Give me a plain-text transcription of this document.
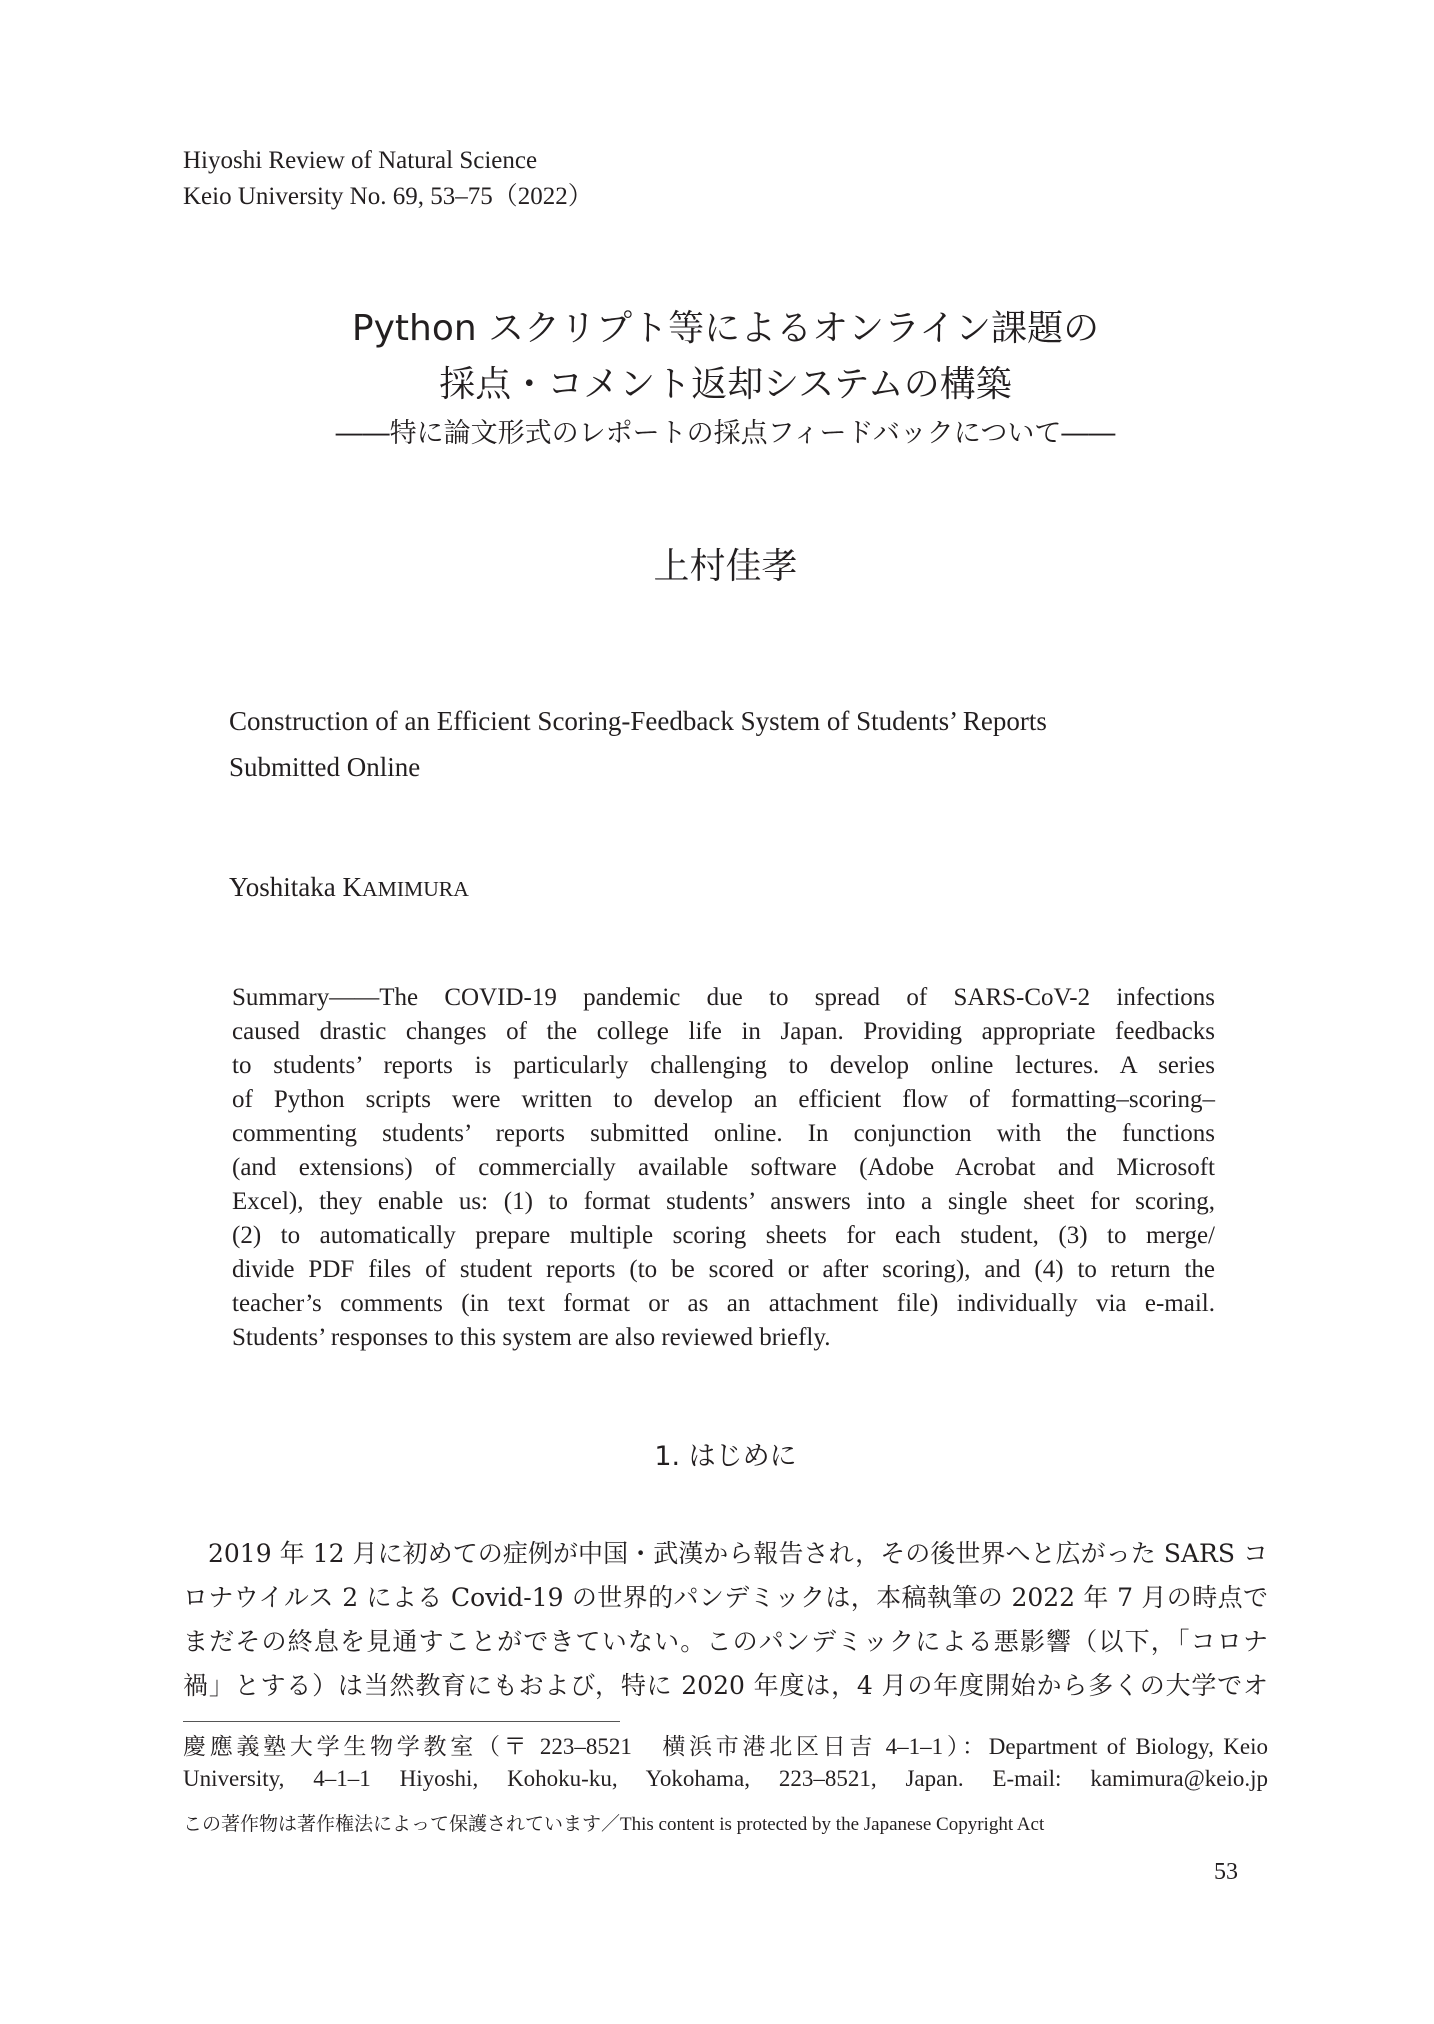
Hiyoshi Review of Natural Science
Keio University No. 69, 53–75（2022）
Python スクリプト等によるオンライン課題の
採点・コメント返却システムの構築
――特に論文形式のレポートの採点フィードバックについて――
上村佳孝
Construction of an Efficient Scoring-Feedback System of Students’ Reports
Submitted Online
Yoshitaka KAMIMURA
Summary――The COVID-19 pandemic due to spread of SARS-CoV-2 infections
caused drastic changes of the college life in Japan. Providing appropriate feedbacks
to students’ reports is particularly challenging to develop online lectures. A series
of Python scripts were written to develop an efficient flow of formatting–scoring–
commenting students’ reports submitted online. In conjunction with the functions
(and extensions) of commercially available software (Adobe Acrobat and Microsoft
Excel), they enable us: (1) to format students’ answers into a single sheet for scoring,
(2) to automatically prepare multiple scoring sheets for each student, (3) to merge/
divide PDF files of student reports (to be scored or after scoring), and (4) to return the
teacher’s comments (in text format or as an attachment file) individually via e-mail.
Students’ responses to this system are also reviewed briefly.
1. はじめに
2019 年 12 月に初めての症例が中国・武漢から報告され，その後世界へと広がった SARS コ
ロナウイルス 2 による Covid-19 の世界的パンデミックは，本稿執筆の 2022 年 7 月の時点で
まだその終息を見通すことができていない。このパンデミックによる悪影響（以下，「コロナ
禍」とする）は当然教育にもおよび，特に 2020 年度は，4 月の年度開始から多くの大学でオ
慶應義塾大学生物学教室（〒 223–8521　横浜市港北区日吉 4–1–1）：Department of Biology, Keio
University, 4–1–1 Hiyoshi, Kohoku-ku, Yokohama, 223–8521, Japan. E-mail: kamimura@keio.jp
この著作物は著作権法によって保護されています／This content is protected by the Japanese Copyright Act
53
